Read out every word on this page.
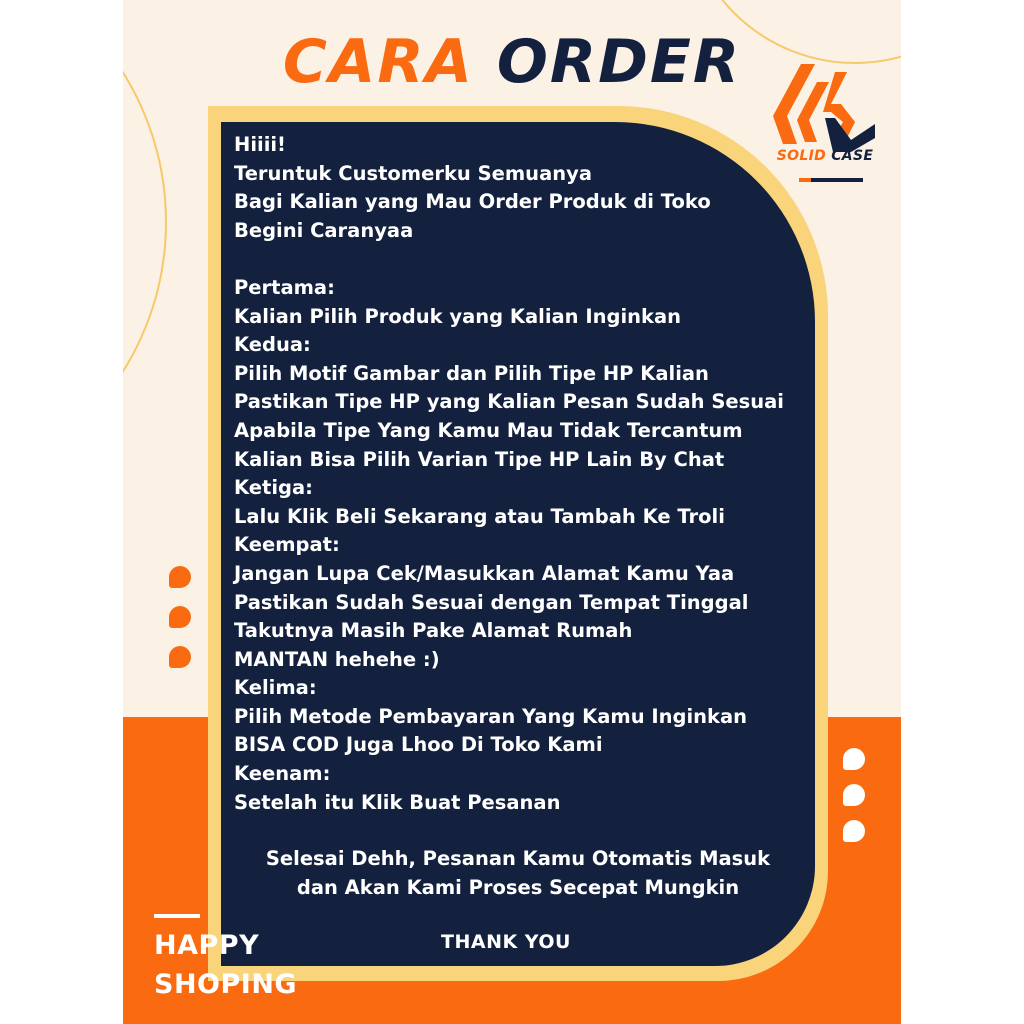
CARA ORDER
SOLID CASE
Hiiii!
Teruntuk Customerku Semuanya
Bagi Kalian yang Mau Order Produk di Toko
Begini Caranyaa
Pertama:
Kalian Pilih Produk yang Kalian Inginkan
Kedua:
Pilih Motif Gambar dan Pilih Tipe HP Kalian
Pastikan Tipe HP yang Kalian Pesan Sudah Sesuai
Apabila Tipe Yang Kamu Mau Tidak Tercantum
Kalian Bisa Pilih Varian Tipe HP Lain By Chat
Ketiga:
Lalu Klik Beli Sekarang atau Tambah Ke Troli
Keempat:
Jangan Lupa Cek/Masukkan Alamat Kamu Yaa
Pastikan Sudah Sesuai dengan Tempat Tinggal
Takutnya Masih Pake Alamat Rumah
MANTAN hehehe :)
Kelima:
Pilih Metode Pembayaran Yang Kamu Inginkan
BISA COD Juga Lhoo Di Toko Kami
Keenam:
Setelah itu Klik Buat Pesanan
Selesai Dehh, Pesanan Kamu Otomatis Masuk
dan Akan Kami Proses Secepat Mungkin

THANK YOU

HAPPY
SHOPING
